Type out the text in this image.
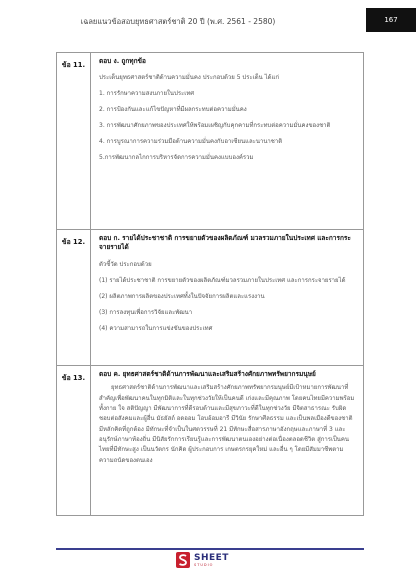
เฉลยแนวข้อสอบยุทธศาสตร์ชาติ 20 ปี (พ.ศ. 2561 - 2580)	167
ข้อ 11.	ตอบ ง. ถูกทุกข้อ
ประเด็นยุทธศาสตร์ชาติด้านความมั่นคง ประกอบด้วย 5 ประเด็น ได้แก่
1. การรักษาความสงบภายในประเทศ
2. การป้องกันและแก้ไขปัญหาที่มีผลกระทบต่อความมั่นคง
3. การพัฒนาศักยภาพของประเทศให้พร้อมเผชิญกับคุกคามที่กระทบต่อความมั่นคงของชาติ
4. การบูรณาการความร่วมมือด้านความมั่นคงกับอาเซียนและนานาชาติ
5.การพัฒนากลไกการบริหารจัดการความมั่นคงแบบองค์รวม
ข้อ 12.	ตอบ ก. รายได้ประชาชาติ การขยายตัวของผลิตภัณฑ์ มวลรวมภายในประเทศ และการกระจายรายได้
ตัวชี้วัด ประกอบด้วย
(1) รายได้ประชาชาติ การขยายตัวของผลิตภัณฑ์มวลรวมภายในประเทศ และการกระจายรายได้
(2) ผลิตภาพการผลิตของประเทศทั้งในปัจจัยการผลิตและแรงงาน
(3) การลงทุนเพื่อการวิจัยและพัฒนา
(4) ความสามารถในการแข่งขันของประเทศ
ข้อ 13.	ตอบ ค. ยุทธศาสตร์ชาติด้านการพัฒนาและเสริมสร้างศักยภาพทรัพยากรมนุษย์
ยุทธศาสตร์ชาติด้านการพัฒนาและเสริมสร้างศักยภาพทรัพยากรมนุษย์มีเป้าหมายการพัฒนาที่สำคัญเพื่อพัฒนาคนในทุกมิติและในทุกช่วงวัยให้เป็นคนดี เก่งและมีคุณภาพ โดยคนไทยมีความพร้อมทั้งกาย ใจ สติปัญญา มีพัฒนาการที่ดีรอบด้านและมีสุขภาวะที่ดีในทุกช่วงวัย มีจิตสาธารณะ รับผิดชอบต่อสังคมและผู้อื่น มัธยัสถ์ อดออม โอบอ้อมอารี มีวินัย รักษาศีลธรรม และเป็นพลเมืองดีของชาติ มีหลักคิดที่ถูกต้อง มีทักษะที่จำเป็นในศตวรรษที่ 21 มีทักษะสื่อสารภาษาอังกฤษและภาษาที่ 3 และอนุรักษ์ภาษาท้องถิ่น มีนิสัยรักการเรียนรู้และการพัฒนาตนเองอย่างต่อเนื่องตลอดชีวิต สู่การเป็นคนไทยที่มีทักษะสูง เป็นนวัตกร นักคิด ผู้ประกอบการ เกษตรกรยุคใหม่ และอื่น ๆ โดยมีสัมมาชีพตามความถนัดของตนเอง
SHEET
STUDIO
